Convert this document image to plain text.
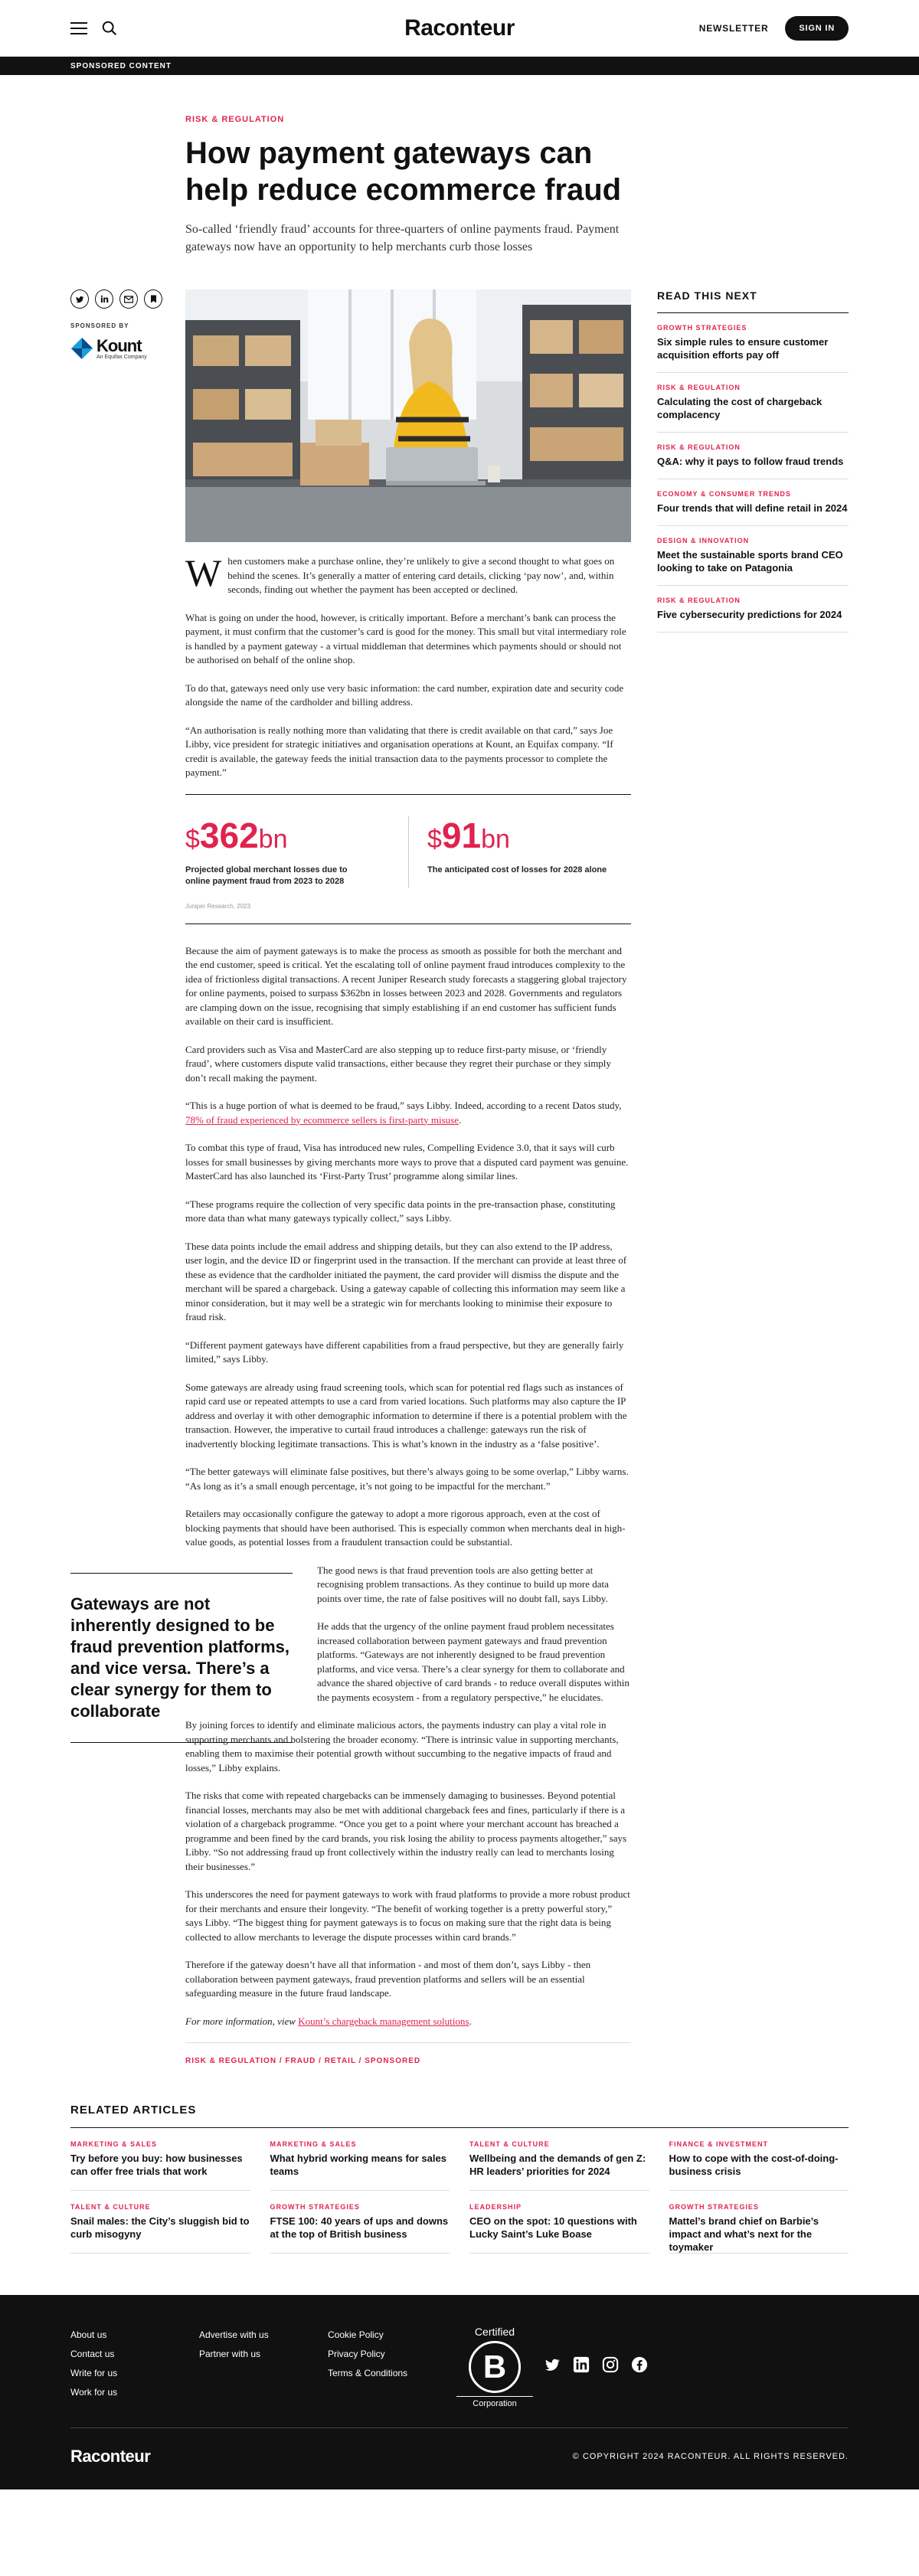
Raconteur	NEWSLETTER	SIGN IN
SPONSORED CONTENT
RISK & REGULATION
How payment gateways can help reduce ecommerce fraud

So-called ‘friendly fraud’ accounts for three-quarters of online payments fraud. Payment gateways now have an opportunity to help merchants curb those losses

SPONSORED BY
Kount
An Equifax Company

When customers make a purchase online, they’re unlikely to give a second thought to what goes on behind the scenes. It’s generally a matter of entering card details, clicking ‘pay now’, and, within seconds, finding out whether the payment has been accepted or declined.

What is going on under the hood, however, is critically important. Before a merchant’s bank can process the payment, it must confirm that the customer’s card is good for the money. This small but vital intermediary role is handled by a payment gateway - a virtual middleman that determines which payments should or should not be authorised on behalf of the online shop.

To do that, gateways need only use very basic information: the card number, expiration date and security code alongside the name of the cardholder and billing address.

“An authorisation is really nothing more than validating that there is credit available on that card,” says Joe Libby, vice president for strategic initiatives and organisation operations at Kount, an Equifax company. “If credit is available, the gateway feeds the initial transaction data to the payments processor to complete the payment.”

$362bn
Projected global merchant losses due to online payment fraud from 2023 to 2028
$91bn
The anticipated cost of losses for 2028 alone
Juniper Research, 2023

Because the aim of payment gateways is to make the process as smooth as possible for both the merchant and the end customer, speed is critical. Yet the escalating toll of online payment fraud introduces complexity to the idea of frictionless digital transactions. A recent Juniper Research study forecasts a staggering global trajectory for online payments, poised to surpass $362bn in losses between 2023 and 2028. Governments and regulators are clamping down on the issue, recognising that simply establishing if an end customer has sufficient funds available on their card is insufficient.

Card providers such as Visa and MasterCard are also stepping up to reduce first-party misuse, or ‘friendly fraud’, where customers dispute valid transactions, either because they regret their purchase or they simply don’t recall making the payment.

“This is a huge portion of what is deemed to be fraud,” says Libby. Indeed, according to a recent Datos study, 78% of fraud experienced by ecommerce sellers is first-party misuse.

To combat this type of fraud, Visa has introduced new rules, Compelling Evidence 3.0, that it says will curb losses for small businesses by giving merchants more ways to prove that a disputed card payment was genuine. MasterCard has also launched its ‘First-Party Trust’ programme along similar lines.

“These programs require the collection of very specific data points in the pre-transaction phase, constituting more data than what many gateways typically collect,” says Libby.

These data points include the email address and shipping details, but they can also extend to the IP address, user login, and the device ID or fingerprint used in the transaction. If the merchant can provide at least three of these as evidence that the cardholder initiated the payment, the card provider will dismiss the dispute and the merchant will be spared a chargeback. Using a gateway capable of collecting this information may seem like a minor consideration, but it may well be a strategic win for merchants looking to minimise their exposure to fraud risk.

“Different payment gateways have different capabilities from a fraud perspective, but they are generally fairly limited,” says Libby.

Some gateways are already using fraud screening tools, which scan for potential red flags such as instances of rapid card use or repeated attempts to use a card from varied locations. Such platforms may also capture the IP address and overlay it with other demographic information to determine if there is a potential problem with the transaction. However, the imperative to curtail fraud introduces a challenge: gateways run the risk of inadvertently blocking legitimate transactions. This is what’s known in the industry as a ‘false positive’.

“The better gateways will eliminate false positives, but there’s always going to be some overlap,” Libby warns. “As long as it’s a small enough percentage, it’s not going to be impactful for the merchant.”

Retailers may occasionally configure the gateway to adopt a more rigorous approach, even at the cost of blocking payments that should have been authorised. This is especially common when merchants deal in high-value goods, as potential losses from a fraudulent transaction could be substantial.

The good news is that fraud prevention tools are also getting better at recognising problem transactions. As they continue to build up more data points over time, the rate of false positives will no doubt fall, says Libby.

He adds that the urgency of the online payment fraud problem necessitates increased collaboration between payment gateways and fraud prevention platforms. “Gateways are not inherently designed to be fraud prevention platforms, and vice versa. There’s a clear synergy for them to collaborate and advance the shared objective of card brands - to reduce overall disputes within the payments ecosystem - from a regulatory perspective,” he elucidates.

By joining forces to identify and eliminate malicious actors, the payments industry can play a vital role in supporting merchants and bolstering the broader economy. “There is intrinsic value in supporting merchants, enabling them to maximise their potential growth without succumbing to the negative impacts of fraud and losses,” Libby explains.

The risks that come with repeated chargebacks can be immensely damaging to businesses. Beyond potential financial losses, merchants may also be met with additional chargeback fees and fines, particularly if there is a violation of a chargeback programme. “Once you get to a point where your merchant account has breached a programme and been fined by the card brands, you risk losing the ability to process payments altogether,” says Libby. “So not addressing fraud up front collectively within the industry really can lead to merchants losing their businesses.”

This underscores the need for payment gateways to work with fraud platforms to provide a more robust product for their merchants and ensure their longevity. “The benefit of working together is a pretty powerful story,” says Libby. “The biggest thing for payment gateways is to focus on making sure that the right data is being collected to allow merchants to leverage the dispute processes within card brands.”

Therefore if the gateway doesn’t have all that information - and most of them don’t, says Libby - then collaboration between payment gateways, fraud prevention platforms and sellers will be an essential safeguarding measure in the future fraud landscape.

For more information, view Kount’s chargeback management solutions.

RISK & REGULATION / FRAUD / RETAIL / SPONSORED
Gateways are not inherently designed to be fraud prevention platforms, and vice versa. There’s a clear synergy for them to collaborate
READ THIS NEXT
GROWTH STRATEGIES
Six simple rules to ensure customer acquisition efforts pay off
RISK & REGULATION
Calculating the cost of chargeback complacency
RISK & REGULATION
Q&A: why it pays to follow fraud trends
ECONOMY & CONSUMER TRENDS
Four trends that will define retail in 2024
DESIGN & INNOVATION
Meet the sustainable sports brand CEO looking to take on Patagonia
RISK & REGULATION
Five cybersecurity predictions for 2024
RELATED ARTICLES
MARKETING & SALES
Try before you buy: how businesses can offer free trials that work
MARKETING & SALES
What hybrid working means for sales teams
TALENT & CULTURE
Wellbeing and the demands of gen Z: HR leaders’ priorities for 2024
FINANCE & INVESTMENT
How to cope with the cost-of-doing-business crisis
TALENT & CULTURE
Snail males: the City’s sluggish bid to curb misogyny
GROWTH STRATEGIES
FTSE 100: 40 years of ups and downs at the top of British business
LEADERSHIP
CEO on the spot: 10 questions with Lucky Saint’s Luke Boase
GROWTH STRATEGIES
Mattel’s brand chief on Barbie’s impact and what’s next for the toymaker
About us
Contact us
Write for us
Work for us
Advertise with us
Partner with us
Cookie Policy
Privacy Policy
Terms & Conditions
Certified
B
Corporation
Raconteur	© COPYRIGHT 2024 RACONTEUR. ALL RIGHTS RESERVED.
